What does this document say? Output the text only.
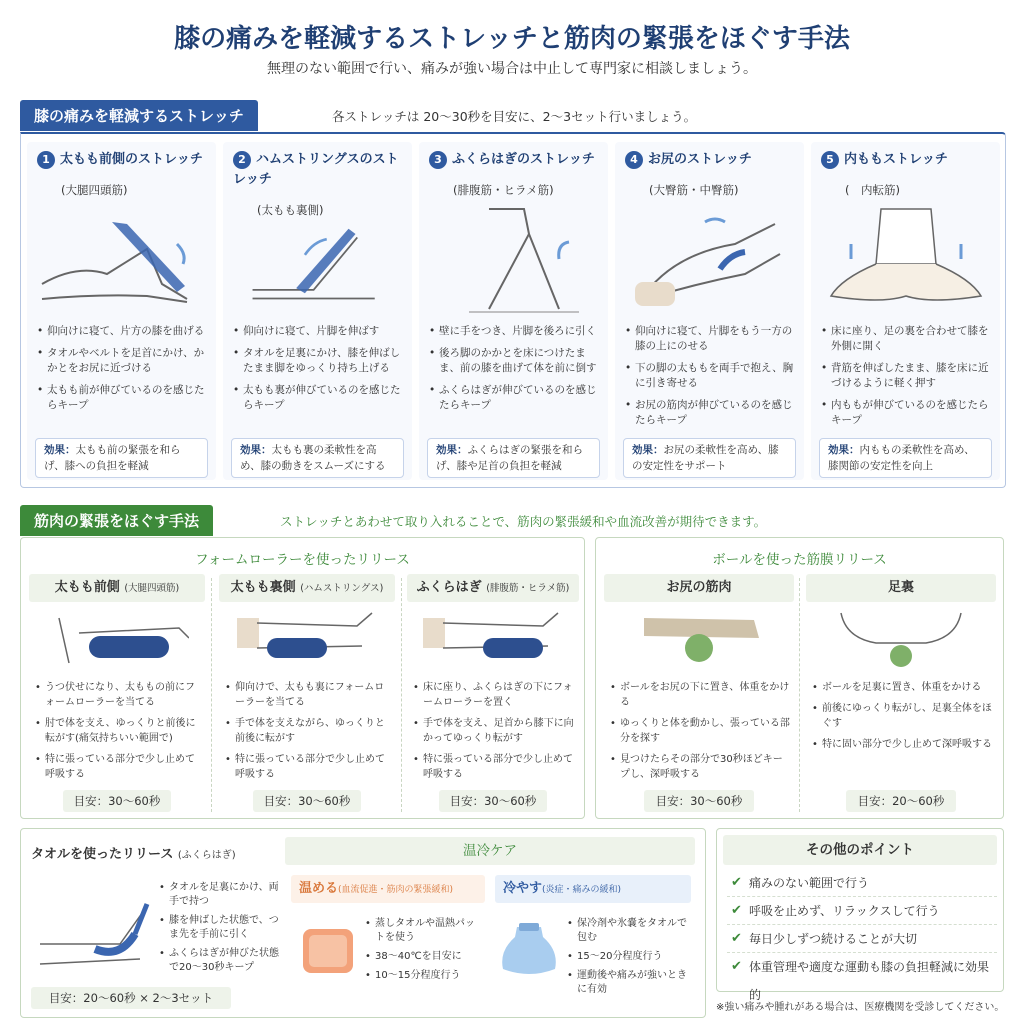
膝の痛みを軽減するストレッチと筋肉の緊張をほぐす手法
無理のない範囲で行い、痛みが強い場合は中止して専門家に相談しましょう。
膝の痛みを軽減するストレッチ	各ストレッチは 20〜30秒を目安に、2〜3セット行いましょう。
1 太もも前側のストレッチ
(大腿四頭筋)
• 仰向けに寝て、片方の膝を曲げる
• タオルやベルトを足首にかけ、かかとをお尻に近づける
• 太もも前が伸びているのを感じたらキープ
効果：太もも前の緊張を和らげ、膝への負担を軽減
2 ハムストリングスのストレッチ
(太もも裏側)
• 仰向けに寝て、片脚を伸ばす
• タオルを足裏にかけ、膝を伸ばしたまま脚をゆっくり持ち上げる
• 太もも裏が伸びているのを感じたらキープ
効果：太もも裏の柔軟性を高め、膝の動きをスムーズにする
3 ふくらはぎのストレッチ
(腓腹筋・ヒラメ筋)
• 壁に手をつき、片脚を後ろに引く
• 後ろ脚のかかとを床につけたまま、前の膝を曲げて体を前に倒す
• ふくらはぎが伸びているのを感じたらキープ
効果：ふくらはぎの緊張を和らげ、膝や足首の負担を軽減
4 お尻のストレッチ
(大臀筋・中臀筋)
• 仰向けに寝て、片脚をもう一方の膝の上にのせる
• 下の脚の太ももを両手で抱え、胸に引き寄せる
• お尻の筋肉が伸びているのを感じたらキープ
効果：お尻の柔軟性を高め、膝の安定性をサポート
5 内ももストレッチ
(　内転筋)
• 床に座り、足の裏を合わせて膝を外側に開く
• 背筋を伸ばしたまま、膝を床に近づけるように軽く押す
• 内ももが伸びているのを感じたらキープ
効果：内ももの柔軟性を高め、膝関節の安定性を向上
筋肉の緊張をほぐす手法	ストレッチとあわせて取り入れることで、筋肉の緊張緩和や血流改善が期待できます。
フォームローラーを使ったリリース
太もも前側 (大腿四頭筋)
• うつ伏せになり、太ももの前にフォームローラーを当てる
• 肘で体を支え、ゆっくりと前後に転がす(痛気持ちいい範囲で)
• 特に張っている部分で少し止めて呼吸する
目安：30〜60秒
太もも裏側 (ハムストリングス)
• 仰向けで、太もも裏にフォームローラーを当てる
• 手で体を支えながら、ゆっくりと前後に転がす
• 特に張っている部分で少し止めて呼吸する
目安：30〜60秒
ふくらはぎ (腓腹筋・ヒラメ筋)
• 床に座り、ふくらはぎの下にフォームローラーを置く
• 手で体を支え、足首から膝下に向かってゆっくり転がす
• 特に張っている部分で少し止めて呼吸する
目安：30〜60秒
ボールを使った筋膜リリース
お尻の筋肉
• ボールをお尻の下に置き、体重をかける
• ゆっくりと体を動かし、張っている部分を探す
• 見つけたらその部分で30秒ほどキープし、深呼吸する
目安：30〜60秒
足裏
• ボールを足裏に置き、体重をかける
• 前後にゆっくり転がし、足裏全体をほぐす
• 特に固い部分で少し止めて深呼吸する
目安：20〜60秒
タオルを使ったリリース (ふくらはぎ)
• タオルを足裏にかけ、両手で持つ
• 膝を伸ばした状態で、つま先を手前に引く
• ふくらはぎが伸びた状態で20〜30秒キープ
目安：20〜60秒 × 2〜3セット
温冷ケア
温める(血流促進・筋肉の緊張緩和)
• 蒸しタオルや温熱パットを使う
• 38〜40℃を目安に
• 10〜15分程度行う
冷やす(炎症・痛みの緩和)
• 保冷剤や氷嚢をタオルで包む
• 15〜20分程度行う
• 運動後や痛みが強いときに有効
その他のポイント
✔ 痛みのない範囲で行う
✔ 呼吸を止めず、リラックスして行う
✔ 毎日少しずつ続けることが大切
✔ 体重管理や適度な運動も膝の負担軽減に効果的
※強い痛みや腫れがある場合は、医療機関を受診してください。
